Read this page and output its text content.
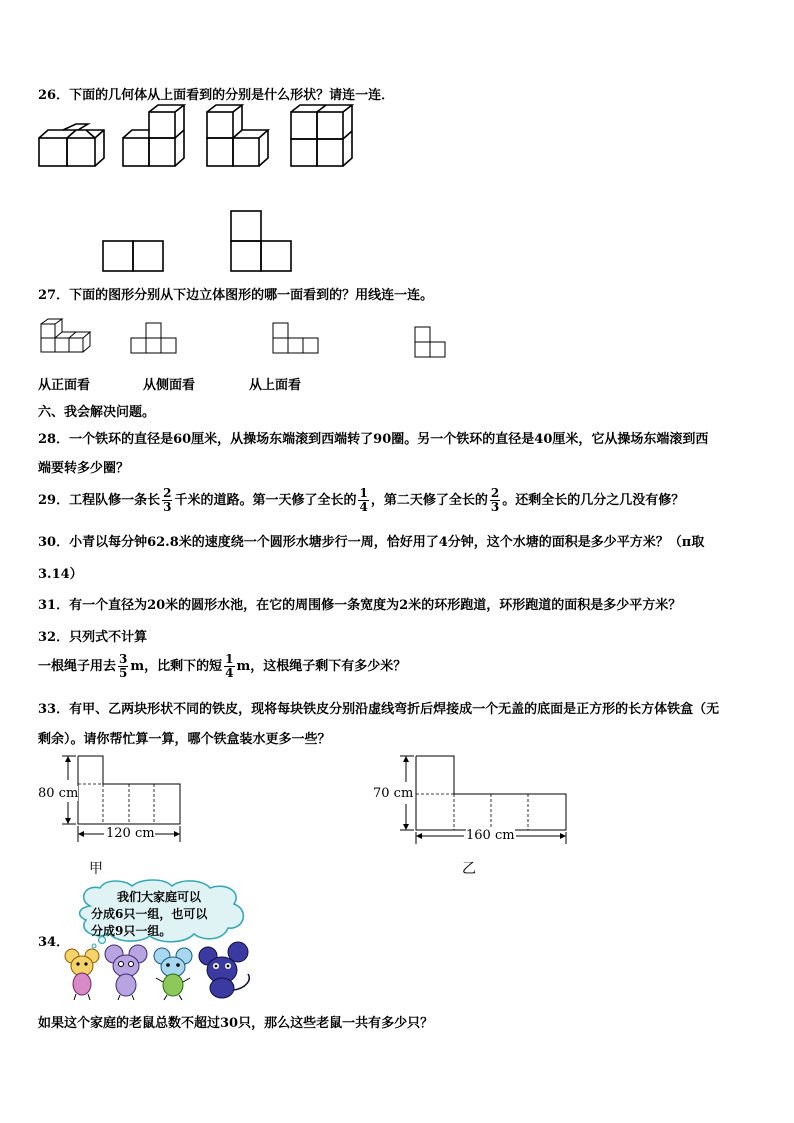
26．下面的几何体从上面看到的分别是什么形状？请连一连．
27．下面的图形分别从下边立体图形的哪一面看到的？用线连一连。
从正面看	从侧面看	从上面看
六、我会解决问题。
28．一个铁环的直径是60厘米，从操场东端滚到西端转了90圈。另一个铁环的直径是40厘米，它从操场东端滚到西
端要转多少圈？
29．工程队修一条长 $\frac{2}{3}$ 千米的道路。第一天修了全长的 $\frac{1}{4}$ ，第二天修了全长的 $\frac{2}{3}$ 。还剩全长的几分之几没有修？
30．小青以每分钟62.8米的速度绕一个圆形水塘步行一周，恰好用了4分钟，这个水塘的面积是多少平方米？（π取
3.14）
31．有一个直径为20米的圆形水池，在它的周围修一条宽度为2米的环形跑道，环形跑道的面积是多少平方米？
32．只列式不计算
一根绳子用去 $\frac{3}{5}$ m，比剩下的短 $\frac{1}{4}$ m，这根绳子剩下有多少米？
33．有甲、乙两块形状不同的铁皮，现将每块铁皮分别沿虚线弯折后焊接成一个无盖的底面是正方形的长方体铁盒（无
剩余）。请你帮忙算一算，哪个铁盒装水更多一些？
80 cm
120 cm
甲
70 cm
160 cm
乙
34．
我们大家庭可以
分成6只一组，也可以
分成9只一组。
如果这个家庭的老鼠总数不超过30只，那么这些老鼠一共有多少只？
